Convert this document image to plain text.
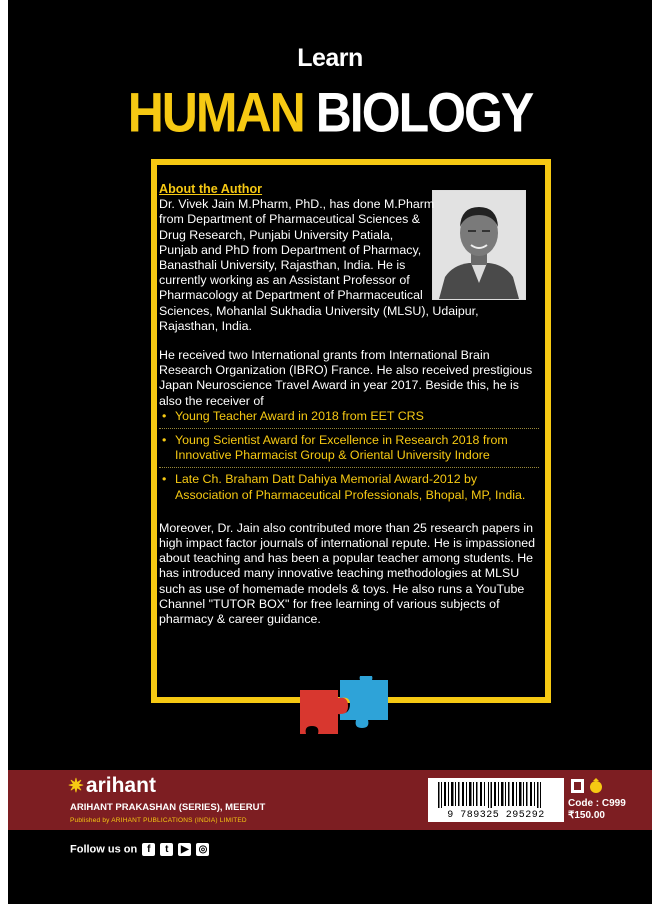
Learn
HUMAN BIOLOGY
About the Author

Dr. Vivek Jain M.Pharm, PhD., has done M.Pharm from Department of Pharmaceutical Sciences & Drug Research, Punjabi University Patiala, Punjab and PhD from Department of Pharmacy, Banasthali University, Rajasthan, India. He is currently working as an Assistant Professor of Pharmacology at Department of Pharmaceutical Sciences, Mohanlal Sukhadia University (MLSU), Udaipur, Rajasthan, India.

He received two International grants from International Brain Research Organization (IBRO) France. He also received prestigious Japan Neuroscience Travel Award in year 2017. Beside this, he is also the receiver of

• Young Teacher Award in 2018 from EET CRS
• Young Scientist Award for Excellence in Research 2018 from Innovative Pharmacist Group & Oriental University Indore
• Late Ch. Braham Datt Dahiya Memorial Award-2012 by Association of Pharmaceutical Professionals, Bhopal, MP, India.

Moreover, Dr. Jain also contributed more than 25 research papers in high impact factor journals of international repute. He is impassioned about teaching and has been a popular teacher among students. He has introduced many innovative teaching methodologies at MLSU such as use of homemade models & toys. He also runs a YouTube Channel "TUTOR BOX" for free learning of various subjects of pharmacy & career guidance.

✷arihant
ARIHANT PRAKASHAN (SERIES), MEERUT
Published by ARIHANT PUBLICATIONS (INDIA) LIMITED	9 789325 295292
Code : C999
₹150.00
Follow us on f t ▶ ◎
